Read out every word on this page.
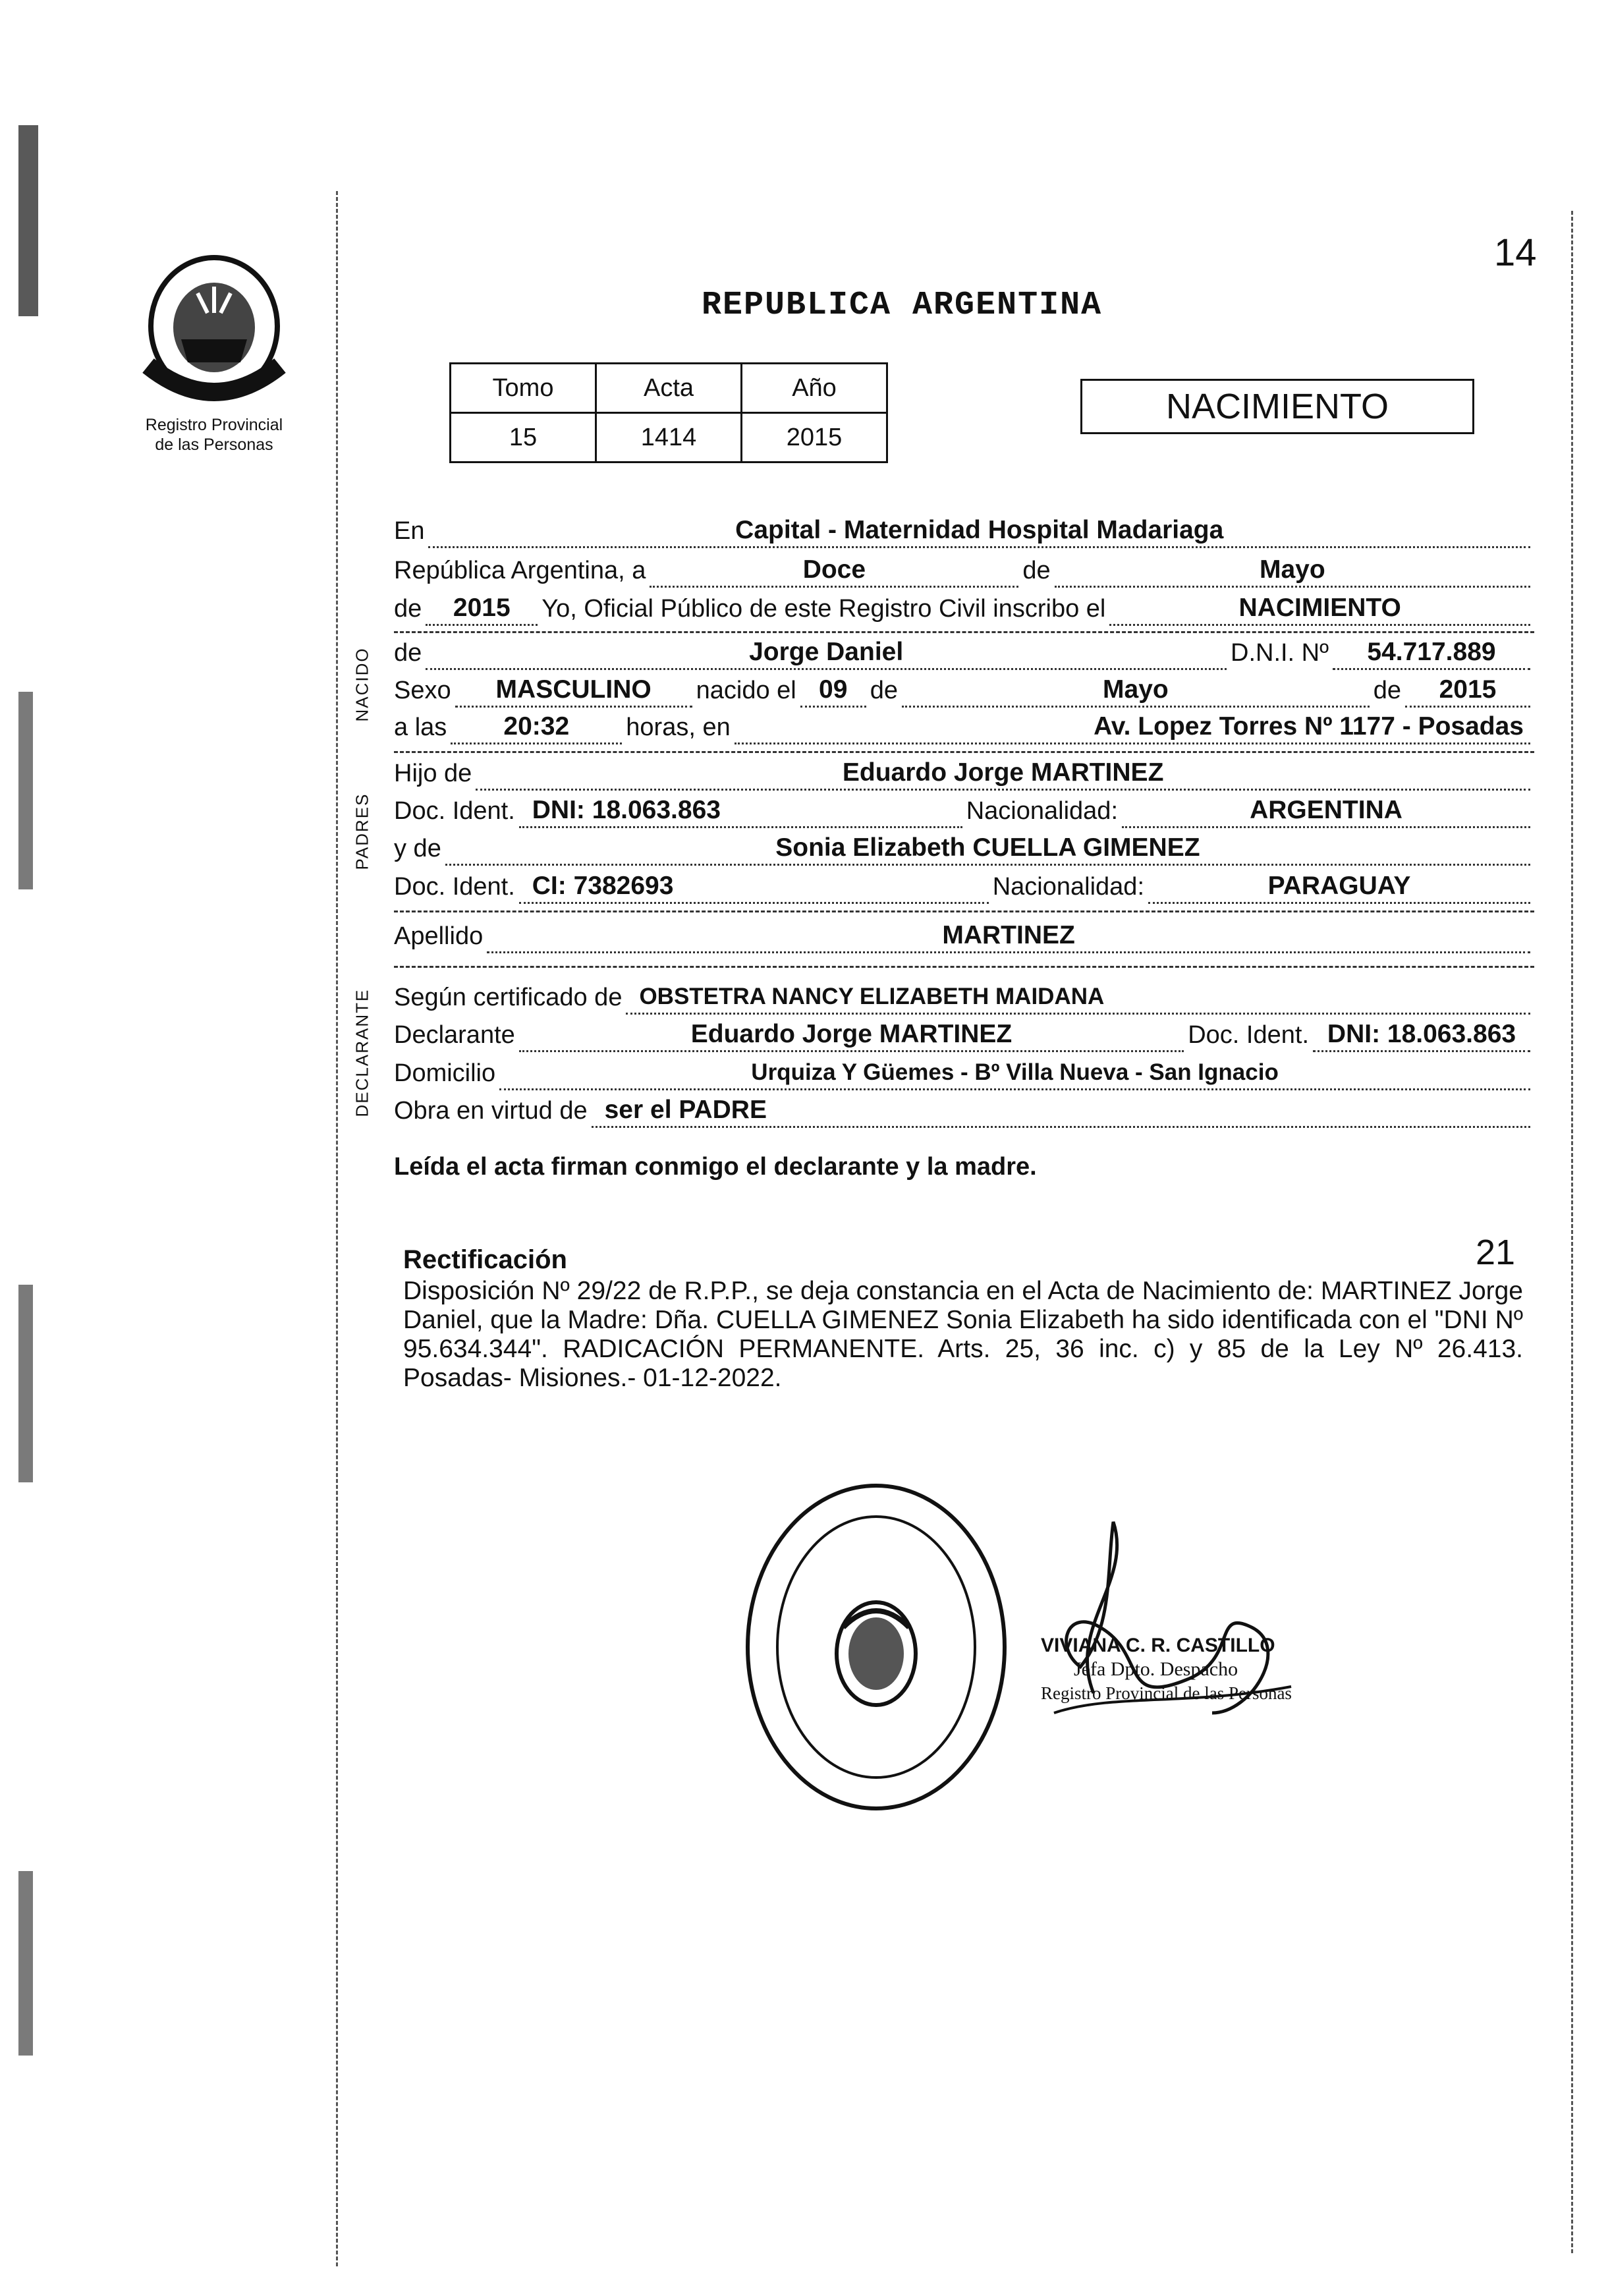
Registro Provincial
de las Personas
REPUBLICA ARGENTINA
14
Tomo	Acta	Año
15	1414	2015
NACIMIENTO
NACIDO
PADRES
DECLARANTE
En	Capital - Maternidad Hospital Madariaga
República Argentina, a	Doce	de	Mayo
de 2015 Yo, Oficial Público de este Registro Civil inscribo el	NACIMIENTO
de	Jorge Daniel	D.N.I. Nº 54.717.889
Sexo MASCULINO nacido el 09 de	Mayo	de 2015
a las 20:32 horas, en	Av. Lopez Torres Nº 1177 - Posadas
Hijo de	Eduardo Jorge MARTINEZ
Doc. Ident. DNI: 18.063.863	Nacionalidad:	ARGENTINA
y de	Sonia Elizabeth CUELLA GIMENEZ
Doc. Ident. CI: 7382693	Nacionalidad:	PARAGUAY
Apellido	MARTINEZ
Según certificado de OBSTETRA NANCY ELIZABETH MAIDANA
Declarante	Eduardo Jorge MARTINEZ	Doc. Ident. DNI: 18.063.863
Domicilio	Urquiza Y Güemes - Bº Villa Nueva - San Ignacio
Obra en virtud de ser el PADRE
Leída el acta firman conmigo el declarante y la madre.
Rectificación	21
Disposición Nº 29/22 de R.P.P., se deja constancia en el Acta de Nacimiento de: MARTINEZ Jorge Daniel, que la Madre: Dña. CUELLA GIMENEZ Sonia Elizabeth ha sido identificada con el "DNI Nº 95.634.344". RADICACIÓN PERMANENTE. Arts. 25, 36 inc. c) y 85 de la Ley Nº 26.413. Posadas- Misiones.- 01-12-2022.
VIVIANA C. R. CASTILLO
Jefa Dpto. Despacho
Registro Provincial de las Personas
